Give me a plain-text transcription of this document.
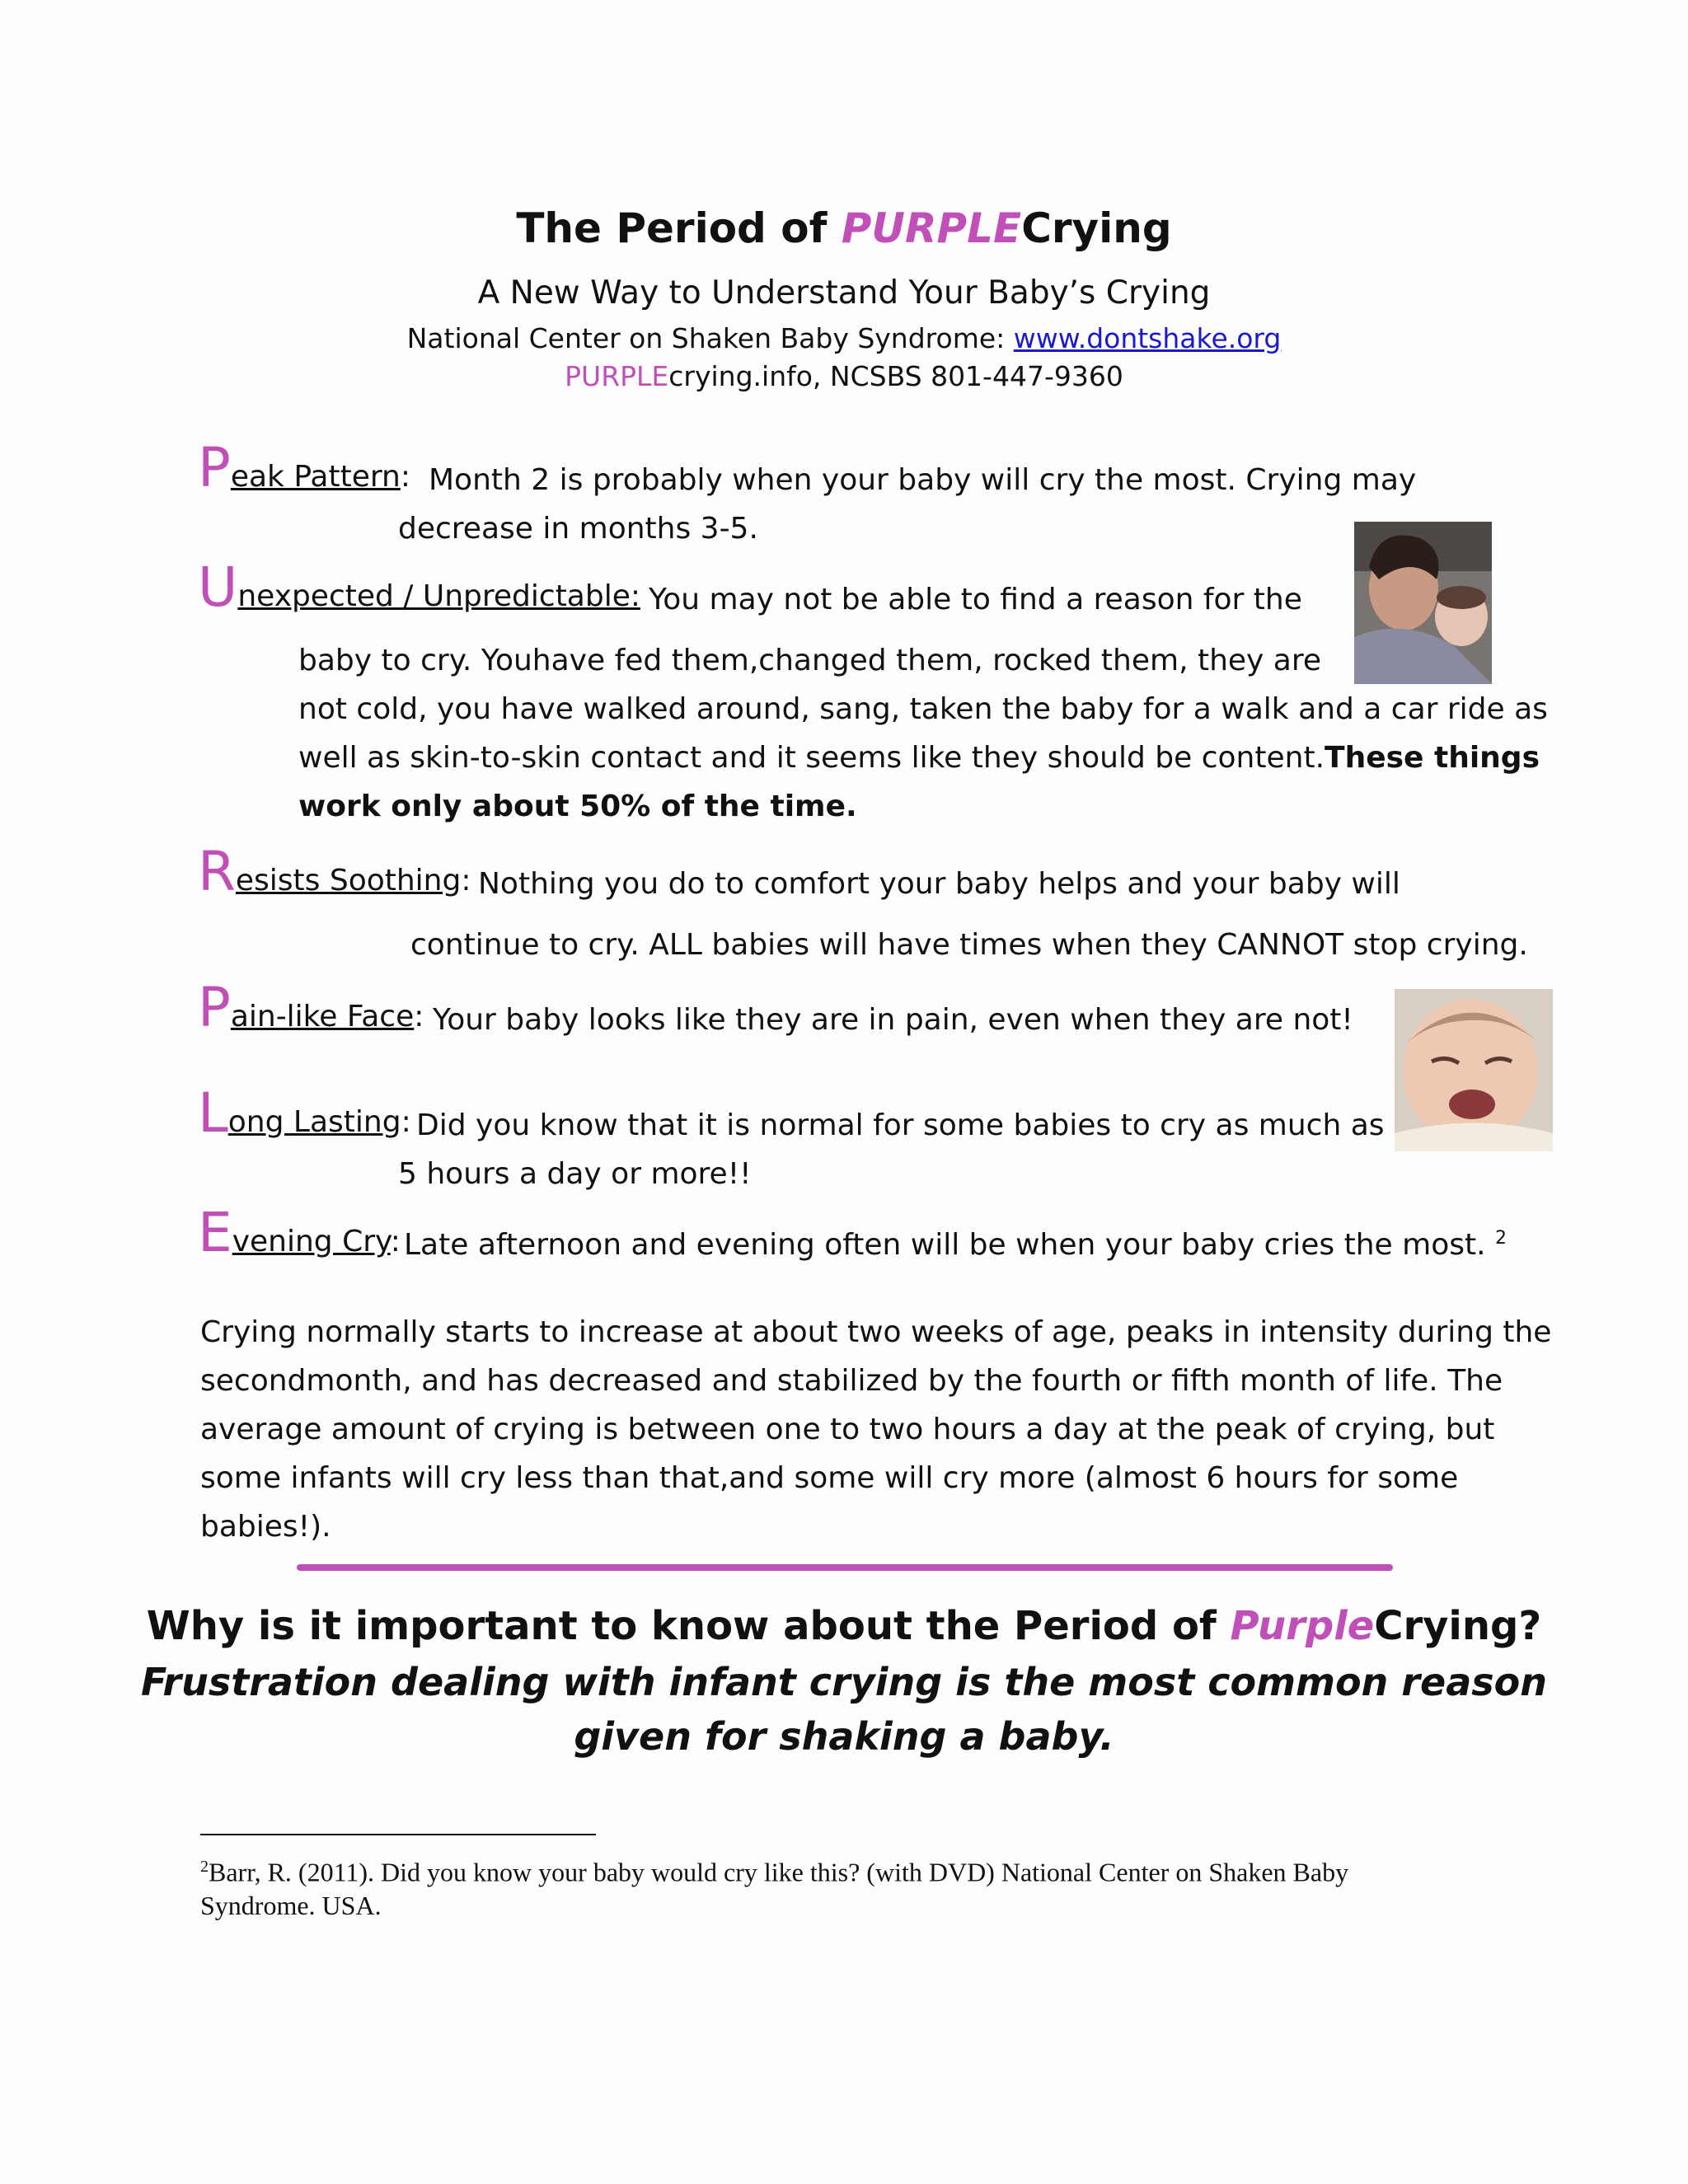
The Period of PURPLECrying
A New Way to Understand Your Baby’s Crying
National Center on Shaken Baby Syndrome: www.dontshake.org
PURPLEcrying.info, NCSBS 801-447-9360
Peak Pattern: Month 2 is probably when your baby will cry the most. Crying may
decrease in months 3-5.
Unexpected / Unpredictable: You may not be able to find a reason for the
baby to cry. Youhave fed them,changed them, rocked them, they are
not cold, you have walked around, sang, taken the baby for a walk and a car ride as
well as skin-to-skin contact and it seems like they should be content.These things
work only about 50% of the time.
Resists Soothing: Nothing you do to comfort your baby helps and your baby will
continue to cry. ALL babies will have times when they CANNOT stop crying.
Pain-like Face: Your baby looks like they are in pain, even when they are not!
Long Lasting: Did you know that it is normal for some babies to cry as much as
5 hours a day or more!!
Evening Cry: Late afternoon and evening often will be when your baby cries the most. $^2$
Crying normally starts to increase at about two weeks of age, peaks in intensity during the
secondmonth, and has decreased and stabilized by the fourth or fifth month of life. The
average amount of crying is between one to two hours a day at the peak of crying, but
some infants will cry less than that,and some will cry more (almost 6 hours for some
babies!).
Why is it important to know about the Period of PurpleCrying?
Frustration dealing with infant crying is the most common reason
given for shaking a baby.
$^2$Barr, R. (2011). Did you know your baby would cry like this? (with DVD) National Center on Shaken Baby
Syndrome. USA.
